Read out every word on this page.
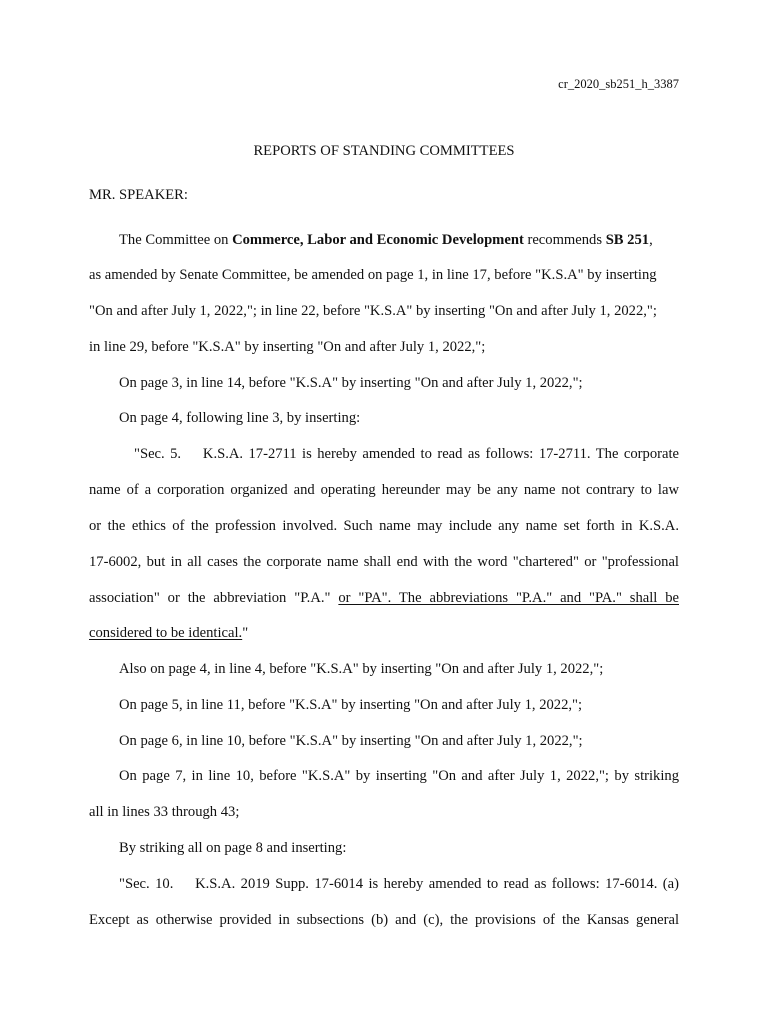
cr_2020_sb251_h_3387
REPORTS OF STANDING COMMITTEES
MR. SPEAKER:
The Committee on Commerce, Labor and Economic Development recommends SB 251,
as amended by Senate Committee, be amended on page 1, in line 17, before "K.S.A" by inserting
"On and after July 1, 2022,"; in line 22, before "K.S.A" by inserting "On and after July 1, 2022,";
in line 29, before "K.S.A" by inserting "On and after July 1, 2022,";
On page 3, in line 14, before "K.S.A" by inserting "On and after July 1, 2022,";
On page 4, following line 3, by inserting:
"Sec. 5.    K.S.A. 17-2711 is hereby amended to read as follows: 17-2711. The corporate
name of a corporation organized and operating hereunder may be any name not contrary to law
or the ethics of the profession involved. Such name may include any name set forth in K.S.A.
17-6002, but in all cases the corporate name shall end with the word "chartered" or "professional
association" or the abbreviation "P.A." or "PA". The abbreviations "P.A." and "PA." shall be
considered to be identical."
Also on page 4, in line 4, before "K.S.A" by inserting "On and after July 1, 2022,";
On page 5, in line 11, before "K.S.A" by inserting "On and after July 1, 2022,";
On page 6, in line 10, before "K.S.A" by inserting "On and after July 1, 2022,";
On page 7, in line 10, before "K.S.A" by inserting "On and after July 1, 2022,"; by striking
all in lines 33 through 43;
By striking all on page 8 and inserting:
"Sec. 10.    K.S.A. 2019 Supp. 17-6014 is hereby amended to read as follows: 17-6014. (a)
Except as otherwise provided in subsections (b) and (c), the provisions of the Kansas general
